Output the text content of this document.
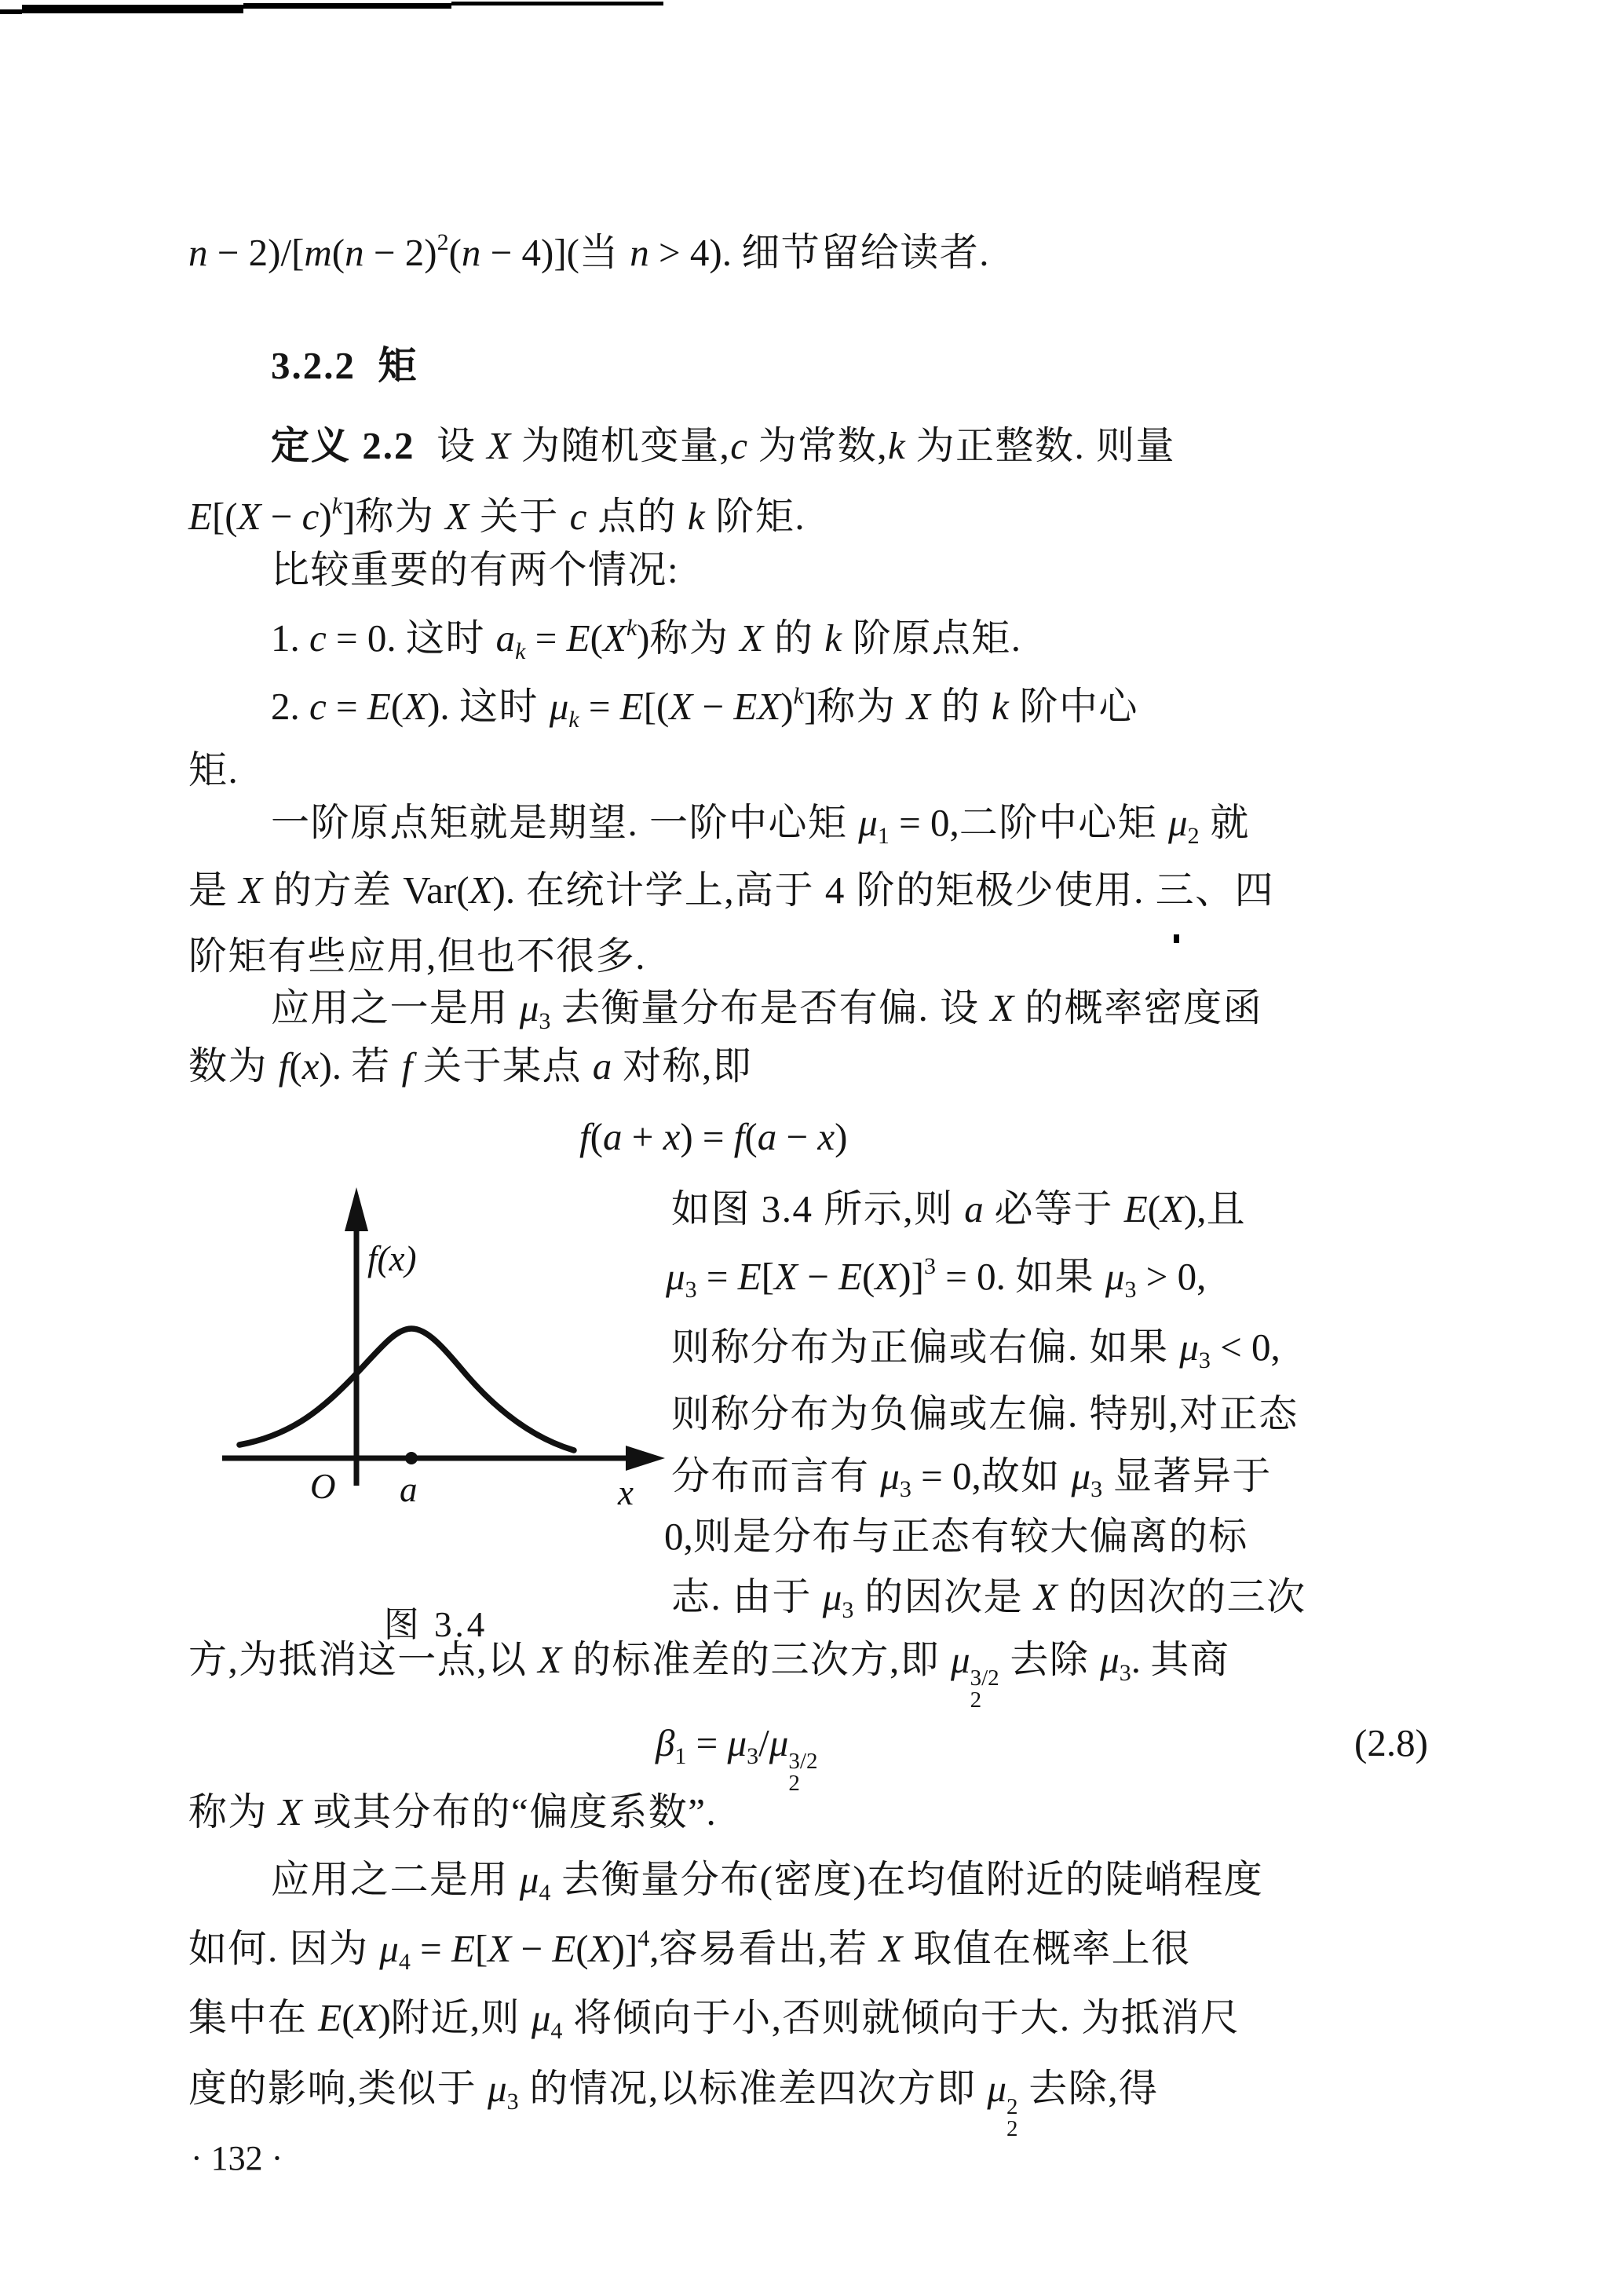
f(x)
O a	x
图 3.4
$n - 2)/[m(n - 2)^2(n - 4)]$(当 n > 4). 细节留给读者.
3.2.2  矩
定义 2.2  设 X 为随机变量,c 为常数,k 为正整数. 则量
$E[(X - c)^k]$称为 X 关于 c 点的 k 阶矩.
比较重要的有两个情况:
1. c = 0. 这时 $a_k = E(X^k)$称为 X 的 k 阶原点矩.
2. c = E(X). 这时 $\mu_k = E[(X - EX)^k]$称为 X 的 k 阶中心
矩.
一阶原点矩就是期望. 一阶中心矩 $\mu_1 = 0$,二阶中心矩 $\mu_2$ 就
是 X 的方差 Var(X). 在统计学上,高于 4 阶的矩极少使用. 三、四
阶矩有些应用,但也不很多.
应用之一是用 $\mu_3$ 去衡量分布是否有偏. 设 X 的概率密度函
数为 f(x). 若 f 关于某点 a 对称,即
f(a + x) = f(a − x)
如图 3.4 所示,则 a 必等于 E(X),且
$\mu_3 = E[X - E(X)]^3 = 0$. 如果 $\mu_3 > 0$,
则称分布为正偏或右偏. 如果 $\mu_3 < 0$,
则称分布为负偏或左偏. 特别,对正态
分布而言有 $\mu_3 = 0$,故如 $\mu_3$ 显著异于
0,则是分布与正态有较大偏离的标
志. 由于 $\mu_3$ 的因次是 X 的因次的三次
方,为抵消这一点,以 X 的标准差的三次方,即 μ 3/2
2
去除 $\mu_3$. 其商
$\beta_1 = \mu_3/\mu$ 3/2
2
(2.8)
称为 X 或其分布的“偏度系数”.
应用之二是用 $\mu_4$ 去衡量分布(密度)在均值附近的陡峭程度
如何. 因为 $\mu_4 = E[X - E(X)]^4$,容易看出,若 X 取值在概率上很
集中在 E(X)附近,则 $\mu_4$ 将倾向于小,否则就倾向于大. 为抵消尺
度的影响,类似于 $\mu_3$ 的情况,以标准差四次方即 μ 2
2
去除,得
· 132 ·
